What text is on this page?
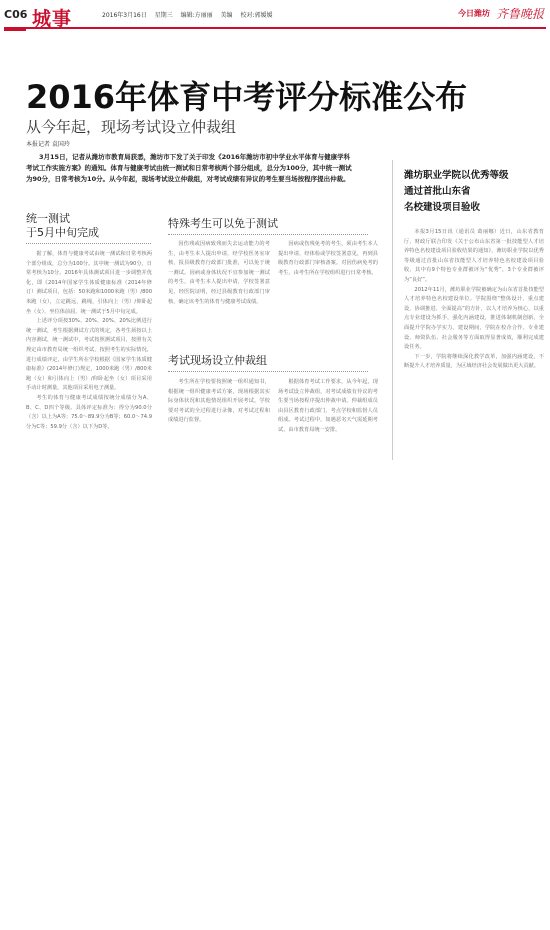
C06 城事	2016年3月16日 星期三 编辑:方丽丽 美编 校对:郭媛媛	今日潍坊 齐鲁晚报
2016年体育中考评分标准公布
从今年起，现场考试设立仲裁组
本报记者 袁国玲
3月15日，记者从潍坊市教育局获悉，潍坊市下发了关于印发《2016年潍坊市初中学业水平体育与健康学科考试工作实施方案》的通知。体育与健康考试由统一测试和日常考核两个部分组成，总分为100分，其中统一测试为90分，日常考核为10分。从今年起，现场考试设立仲裁组，对考试成绩有异议的考生要当场按程序提出仲裁。
统一测试
于5月中旬完成

据了解，体育与健康考试由统一测试和日常考核两个部分组成，总分为100分。其中统一测试为90分，日常考核为10分。2016年具体测试项目进一步调整并优化，即《2014年国家学生体质健康标准（2014年修订）测试项目，包括：50米跑和1000米跑（男）/800米跑（女），立定跳远，跳绳，引体向上（男）/仰卧起坐（女），坐位体前屈，统一测试于5月中旬完成。

上述评分项按30%、20%、20%、20%比例进行统一测试，考生根据测试方式的规定，各考生须按以上内容测试，统一测试中，考试按照测试项目，按照有关规定由市教育局统一组织考试，按照考生的实际情况，进行成绩评定，由学生所在学校根据《国家学生体质健康标准》(2014年修订)规定，1000米跑（男）/800米跑（女）和引体向上（男）/仰卧起坐（女）项目采用手动计时测量，其他项目采用电子测量。

考生的体育与健康考试成绩按统分成绩分为A、B、C、D四个等级。具体评定标准为：得分为90.0分（含）以上为A等；75.0～89.9分为B等；60.0～74.9分为C等；59.9分（含）以下为D等。

特殊考生可以免于测试

因伤残或因病致残而失去运动能力的考生，由考生本人提出申请，经学校医务室审核，报县级教育行政部门批准，可以免于统一测试。因病或身体状况不宜参加统一测试的考生，由考生本人提出申请，学校签署意见，经医院证明，经过县级教育行政部门审核，确定该考生的体育与健康考试成绩。

因病或伤残免考的考生，须由考生本人提出申请，经体检或学校签署意见，再到县级教育行政部门审核备案。对因伤病免考的考生，由考生所在学校组织进行日常考核。

考试现场设立仲裁组

考生所在学校要按照统一组织通知书，根据统一组织健康考试方案，现场根据其实际身体状况和其他情况组织开展考试。学校要对考试的全过程进行录像，对考试过程和成绩进行监督。

根据体育考试工作要求，从今年起，现场考试设立仲裁组，对考试成绩有异议的考生要当场按程序提出仲裁申请。仲裁组成员由县区教育行政部门、考点学校和监督人员组成。考试过程中，如遇恶劣天气需延期考试，由市教育局统一安排。

潍坊职业学院以优秀等级
通过首批山东省
名校建设项目验收

本报3月15日讯（通讯员 葛丽娜）近日，山东省教育厅、财政厅联合印发《关于公布山东省第一批技能型人才培养特色名校建设项目验收结果的通知》，潍坊职业学院以优秀等级通过首批山东省技能型人才培养特色名校建设项目验收，其中有9个特色专业群被评为“优秀”，3个专业群被评为“良好”。

2012年11月，潍坊职业学院被确定为山东省首批技能型人才培养特色名校建设单位。学院围绕“整体设计、重点建设、协调推进、全面提高”的方针，以人才培养为核心，以重点专业建设为抓手，强化内涵建设，推进体制机制创新，全面提升学院办学实力。建设期间，学院在校企合作、专业建设、师资队伍、社会服务等方面取得显著成效，顺利完成建设任务。

下一步，学院将继续深化教学改革，加强内涵建设，不断提升人才培养质量，为区域经济社会发展做出更大贡献。
